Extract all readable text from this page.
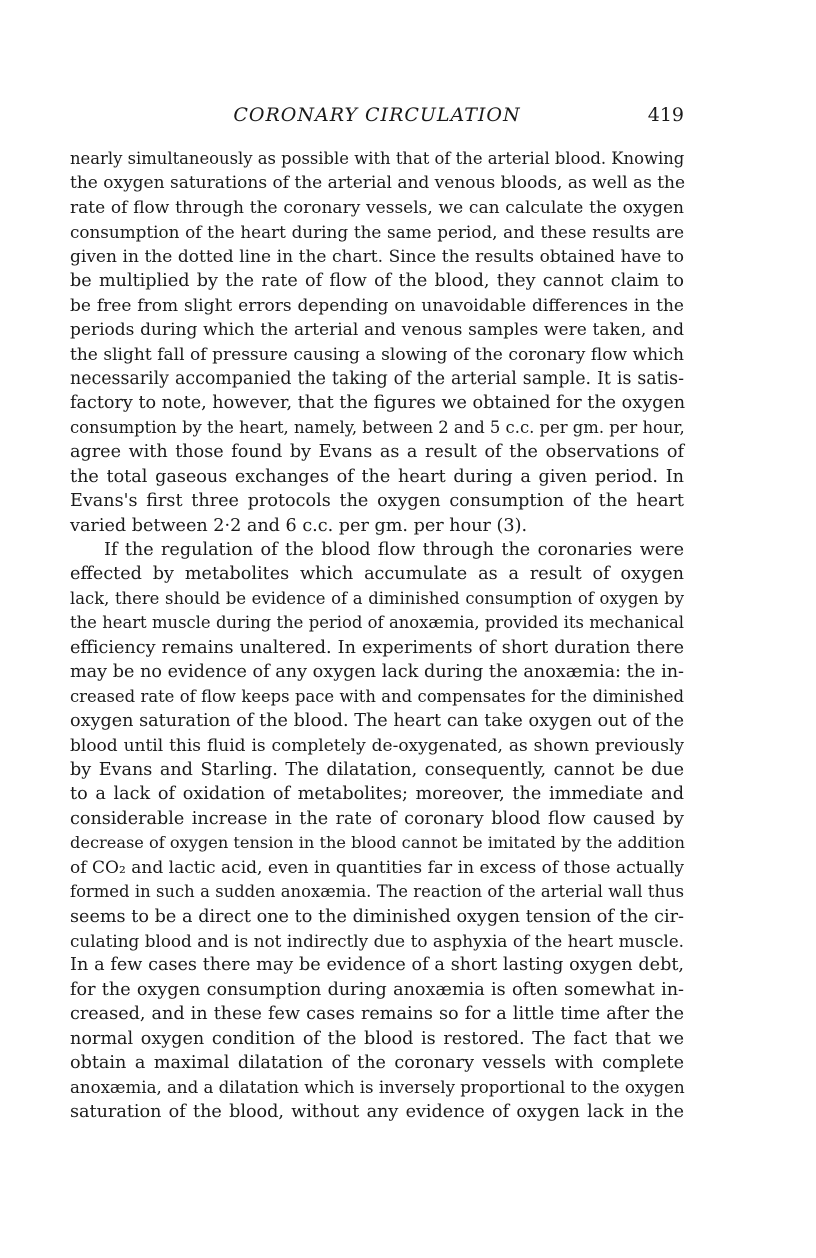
CORONARY CIRCULATION	419
nearly simultaneously as possible with that of the arterial blood. Knowing
the oxygen saturations of the arterial and venous bloods, as well as the
rate of flow through the coronary vessels, we can calculate the oxygen
consumption of the heart during the same period, and these results are
given in the dotted line in the chart. Since the results obtained have to
be multiplied by the rate of flow of the blood, they cannot claim to
be free from slight errors depending on unavoidable differences in the
periods during which the arterial and venous samples were taken, and
the slight fall of pressure causing a slowing of the coronary flow which
necessarily accompanied the taking of the arterial sample. It is satis-
factory to note, however, that the figures we obtained for the oxygen
consumption by the heart, namely, between 2 and 5 c.c. per gm. per hour,
agree with those found by Evans as a result of the observations of
the total gaseous exchanges of the heart during a given period. In
Evans's first three protocols the oxygen consumption of the heart
varied between 2·2 and 6 c.c. per gm. per hour (3).
If the regulation of the blood flow through the coronaries were
effected by metabolites which accumulate as a result of oxygen
lack, there should be evidence of a diminished consumption of oxygen by
the heart muscle during the period of anoxæmia, provided its mechanical
efficiency remains unaltered. In experiments of short duration there
may be no evidence of any oxygen lack during the anoxæmia: the in-
creased rate of flow keeps pace with and compensates for the diminished
oxygen saturation of the blood. The heart can take oxygen out of the
blood until this fluid is completely de-oxygenated, as shown previously
by Evans and Starling. The dilatation, consequently, cannot be due
to a lack of oxidation of metabolites; moreover, the immediate and
considerable increase in the rate of coronary blood flow caused by
decrease of oxygen tension in the blood cannot be imitated by the addition
of CO₂ and lactic acid, even in quantities far in excess of those actually
formed in such a sudden anoxæmia. The reaction of the arterial wall thus
seems to be a direct one to the diminished oxygen tension of the cir-
culating blood and is not indirectly due to asphyxia of the heart muscle.
In a few cases there may be evidence of a short lasting oxygen debt,
for the oxygen consumption during anoxæmia is often somewhat in-
creased, and in these few cases remains so for a little time after the
normal oxygen condition of the blood is restored. The fact that we
obtain a maximal dilatation of the coronary vessels with complete
anoxæmia, and a dilatation which is inversely proportional to the oxygen
saturation of the blood, without any evidence of oxygen lack in the
